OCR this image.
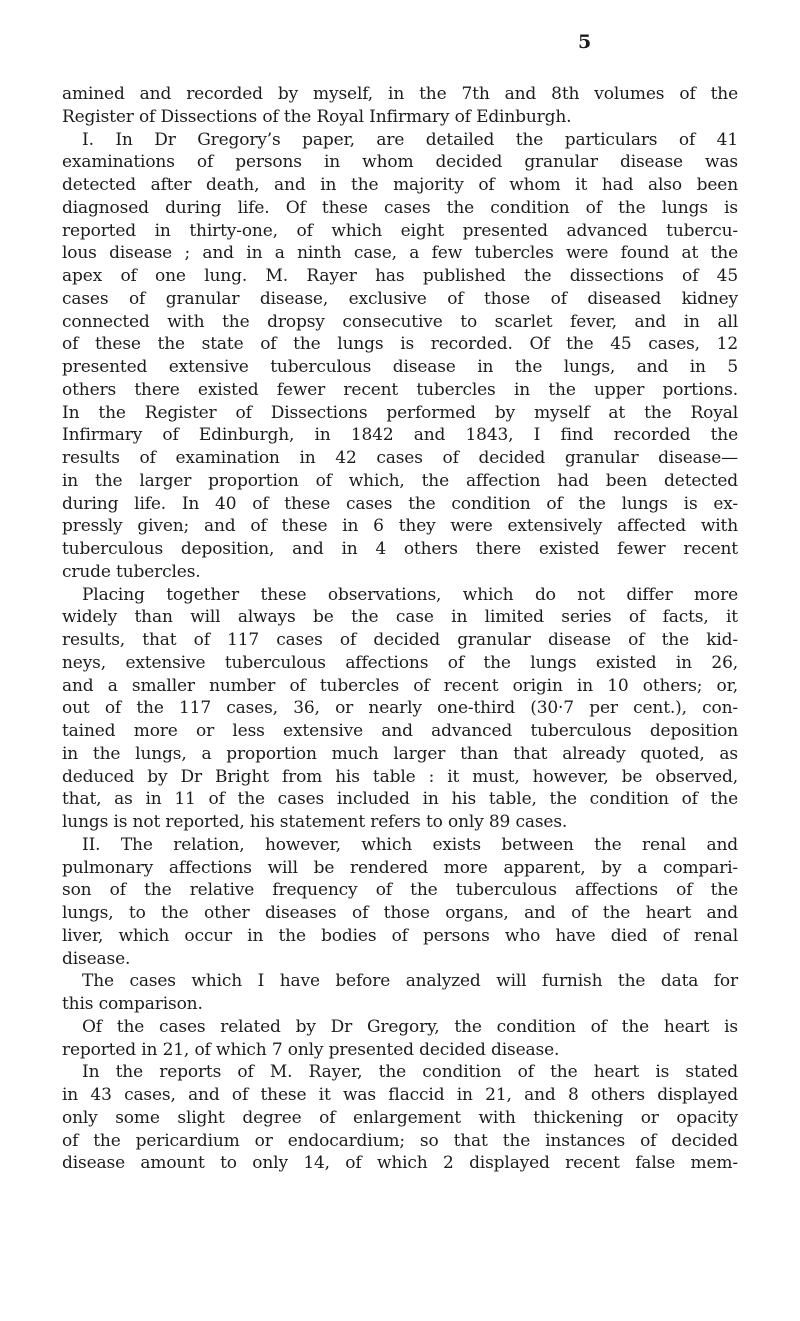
5
amined and recorded by myself, in the 7th and 8th volumes of the
Register of Dissections of the Royal Infirmary of Edinburgh.
I. In Dr Gregory’s paper, are detailed the particulars of 41
examinations of persons in whom decided granular disease was
detected after death, and in the majority of whom it had also been
diagnosed during life. Of these cases the condition of the lungs is
reported in thirty-one, of which eight presented advanced tubercu-
lous disease ; and in a ninth case, a few tubercles were found at the
apex of one lung. M. Rayer has published the dissections of 45
cases of granular disease, exclusive of those of diseased kidney
connected with the dropsy consecutive to scarlet fever, and in all
of these the state of the lungs is recorded. Of the 45 cases, 12
presented extensive tuberculous disease in the lungs, and in 5
others there existed fewer recent tubercles in the upper portions.
In the Register of Dissections performed by myself at the Royal
Infirmary of Edinburgh, in 1842 and 1843, I find recorded the
results of examination in 42 cases of decided granular disease—
in the larger proportion of which, the affection had been detected
during life. In 40 of these cases the condition of the lungs is ex-
pressly given; and of these in 6 they were extensively affected with
tuberculous deposition, and in 4 others there existed fewer recent
crude tubercles.
Placing together these observations, which do not differ more
widely than will always be the case in limited series of facts, it
results, that of 117 cases of decided granular disease of the kid-
neys, extensive tuberculous affections of the lungs existed in 26,
and a smaller number of tubercles of recent origin in 10 others; or,
out of the 117 cases, 36, or nearly one-third (30·7 per cent.), con-
tained more or less extensive and advanced tuberculous deposition
in the lungs, a proportion much larger than that already quoted, as
deduced by Dr Bright from his table : it must, however, be observed,
that, as in 11 of the cases included in his table, the condition of the
lungs is not reported, his statement refers to only 89 cases.
II. The relation, however, which exists between the renal and
pulmonary affections will be rendered more apparent, by a compari-
son of the relative frequency of the tuberculous affections of the
lungs, to the other diseases of those organs, and of the heart and
liver, which occur in the bodies of persons who have died of renal
disease.
The cases which I have before analyzed will furnish the data for
this comparison.
Of the cases related by Dr Gregory, the condition of the heart is
reported in 21, of which 7 only presented decided disease.
In the reports of M. Rayer, the condition of the heart is stated
in 43 cases, and of these it was flaccid in 21, and 8 others displayed
only some slight degree of enlargement with thickening or opacity
of the pericardium or endocardium; so that the instances of decided
disease amount to only 14, of which 2 displayed recent false mem-
